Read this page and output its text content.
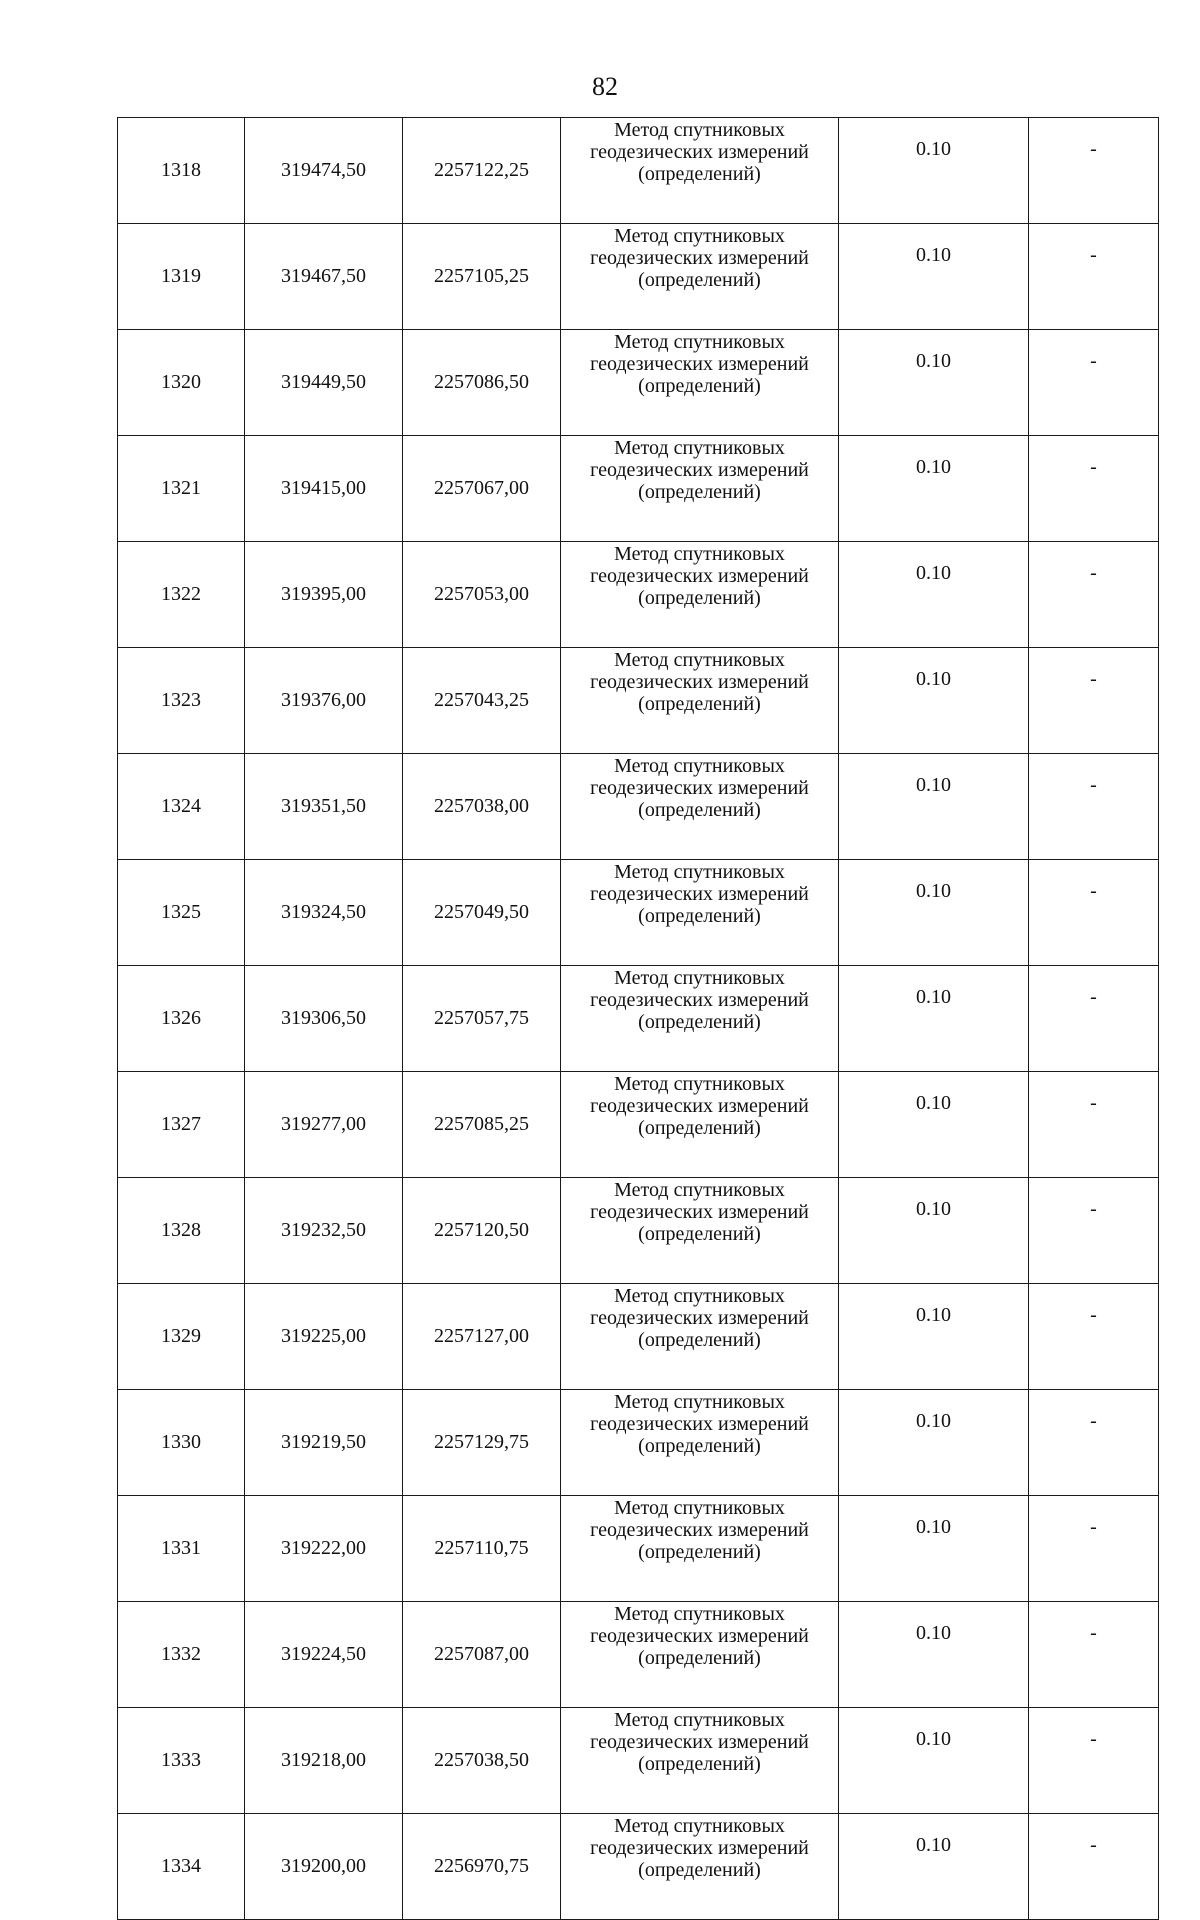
82
1318	319474,50	2257122,25	Метод спутниковых
геодезических измерений
(определений)	0.10	-
1319	319467,50	2257105,25	Метод спутниковых
геодезических измерений
(определений)	0.10	-
1320	319449,50	2257086,50	Метод спутниковых
геодезических измерений
(определений)	0.10	-
1321	319415,00	2257067,00	Метод спутниковых
геодезических измерений
(определений)	0.10	-
1322	319395,00	2257053,00	Метод спутниковых
геодезических измерений
(определений)	0.10	-
1323	319376,00	2257043,25	Метод спутниковых
геодезических измерений
(определений)	0.10	-
1324	319351,50	2257038,00	Метод спутниковых
геодезических измерений
(определений)	0.10	-
1325	319324,50	2257049,50	Метод спутниковых
геодезических измерений
(определений)	0.10	-
1326	319306,50	2257057,75	Метод спутниковых
геодезических измерений
(определений)	0.10	-
1327	319277,00	2257085,25	Метод спутниковых
геодезических измерений
(определений)	0.10	-
1328	319232,50	2257120,50	Метод спутниковых
геодезических измерений
(определений)	0.10	-
1329	319225,00	2257127,00	Метод спутниковых
геодезических измерений
(определений)	0.10	-
1330	319219,50	2257129,75	Метод спутниковых
геодезических измерений
(определений)	0.10	-
1331	319222,00	2257110,75	Метод спутниковых
геодезических измерений
(определений)	0.10	-
1332	319224,50	2257087,00	Метод спутниковых
геодезических измерений
(определений)	0.10	-
1333	319218,00	2257038,50	Метод спутниковых
геодезических измерений
(определений)	0.10	-
1334	319200,00	2256970,75	Метод спутниковых
геодезических измерений
(определений)	0.10	-
